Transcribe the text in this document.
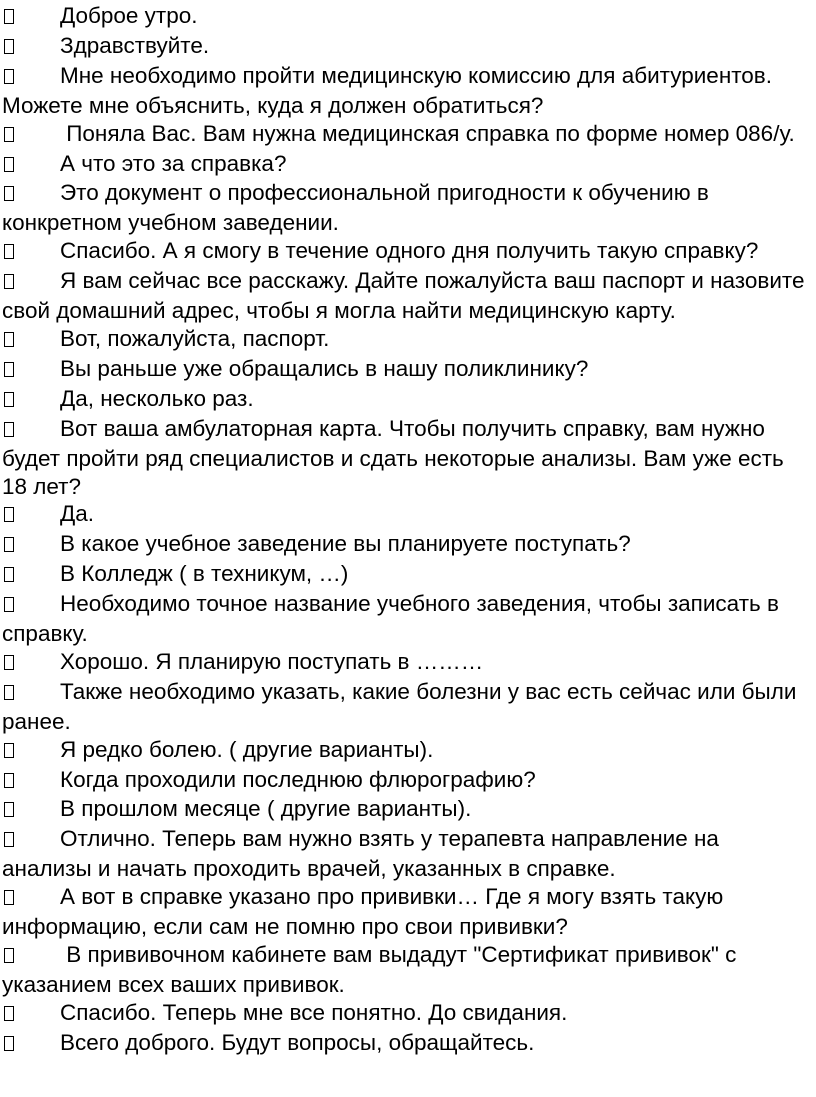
Доброе утро.

Здравствуйте.

Мне необходимо пройти медицинскую комиссию для абитуриентов. Можете мне объяснить, куда я должен обратиться?

Поняла Вас. Вам нужна медицинская справка по форме номер 086/у.

А что это за справка?

Это документ о профессиональной пригодности к обучению в конкретном учебном заведении.

Спасибо. А я смогу в течение одного дня получить такую справку?

Я вам сейчас все расскажу. Дайте пожалуйста ваш паспорт и назовите свой домашний адрес, чтобы я могла найти медицинскую карту.

Вот, пожалуйста, паспорт.

Вы раньше уже обращались в нашу поликлинику?

Да, несколько раз.

Вот ваша амбулаторная карта. Чтобы получить справку, вам нужно будет пройти ряд специалистов и сдать некоторые анализы. Вам уже есть 18 лет?

Да.

В какое учебное заведение вы планируете поступать?

В Колледж ( в техникум, …)

Необходимо точное название учебного заведения, чтобы записать в справку.

Хорошо. Я планирую поступать в ………

Также необходимо указать, какие болезни у вас есть сейчас или были ранее.

Я редко болею. ( другие варианты).

Когда проходили последнюю флюрографию?

В прошлом месяце ( другие варианты).

Отлично. Теперь вам нужно взять у терапевта направление на анализы и начать проходить врачей, указанных в справке.

А вот в справке указано про прививки… Где я могу взять такую информацию, если сам не помню про свои прививки?

В прививочном кабинете вам выдадут "Сертификат прививок" с указанием всех ваших прививок.

Спасибо. Теперь мне все понятно. До свидания.

Всего доброго. Будут вопросы, обращайтесь.
